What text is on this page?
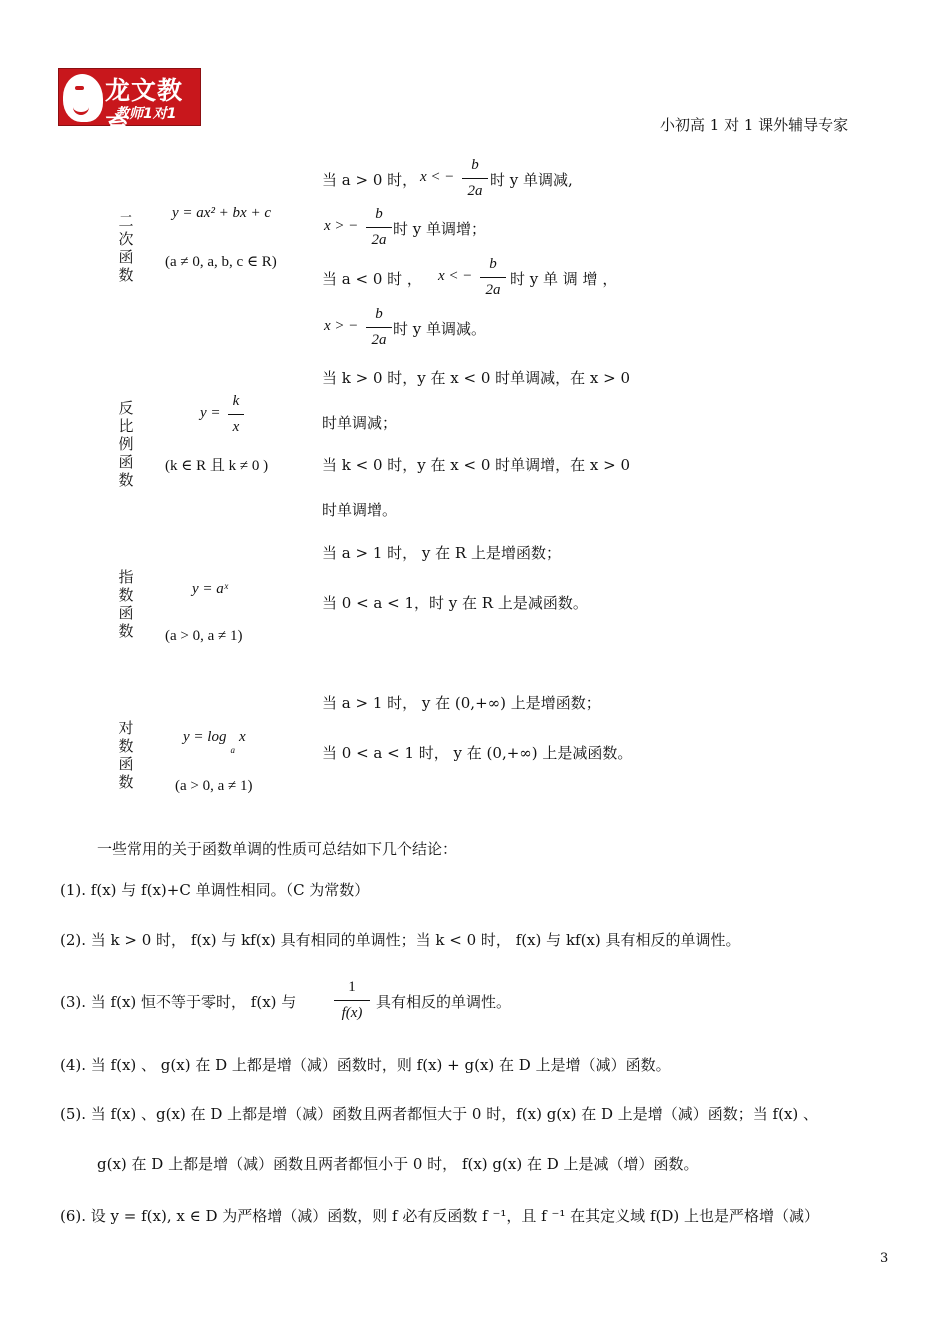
龙文教育
教师1对1
小初高 1 对 1 课外辅导专家
二次函数
y = ax² + bx + c
(a ≠ 0, a, b, c ∈ R)
当 a > 0 时， x < −
b
2a
时 y 单调减,
x > −
b
2a
时 y 单调增；
当 a < 0 时 ， x < −
b
2a
时 y 单 调 增 ，
x > −
b
2a
时 y 单调减。
反比例函数
y =
k
x
(k ∈ R 且 k ≠ 0 )
当 k > 0 时，y 在 x < 0 时单调减，在 x > 0
时单调减；
当 k < 0 时，y 在 x < 0 时单调增，在 x > 0
时单调增。
指数函数
y = aˣ
(a > 0, a ≠ 1)
当 a > 1 时， y 在 R 上是增函数；
当 0 < a < 1，时 y 在 R 上是减函数。
对数函数
$y = \log_ax$
(a > 0, a ≠ 1)
当 a > 1 时， y 在 (0,+∞) 上是增函数；
当 0 < a < 1 时， y 在 (0,+∞) 上是减函数。
一些常用的关于函数单调的性质可总结如下几个结论：
(1). f(x) 与 f(x)+C 单调性相同。（C 为常数）
(2). 当 k > 0 时， f(x) 与 kf(x) 具有相同的单调性；当 k < 0 时， f(x) 与 kf(x) 具有相反的单调性。
(3). 当 f(x) 恒不等于零时， f(x) 与
1
f(x)
具有相反的单调性。
(4). 当 f(x) 、 g(x) 在 D 上都是增（减）函数时，则 f(x) + g(x) 在 D 上是增（减）函数。
(5). 当 f(x) 、g(x) 在 D 上都是增（减）函数且两者都恒大于 0 时，f(x) g(x) 在 D 上是增（减）函数；当 f(x) 、
g(x) 在 D 上都是增（减）函数且两者都恒小于 0 时， f(x) g(x) 在 D 上是减（增）函数。
(6). 设 y = f(x), x ∈ D 为严格增（减）函数，则 f 必有反函数 f ⁻¹，且 f ⁻¹ 在其定义域 f(D) 上也是严格增（减）
3
